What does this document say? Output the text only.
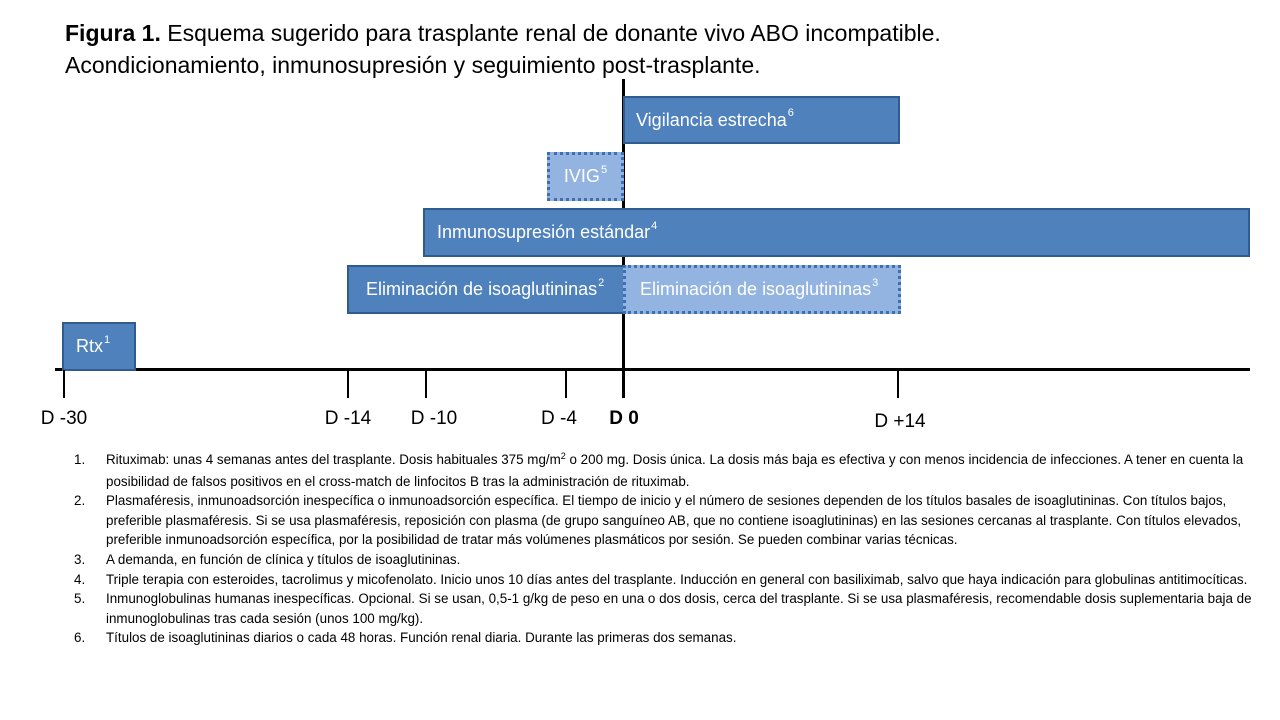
Figura 1. Esquema sugerido para trasplante renal de donante vivo ABO incompatible.
Acondicionamiento, inmunosupresión y seguimiento post-trasplante.
Vigilancia estrecha$^6$
IVIG$^5$
Inmunosupresión estándar$^4$
Eliminación de isoaglutininas$^2$ Eliminación de isoaglutininas$^3$
Rtx$^1$
D -30	D -14 D -10	D -4 D 0	D +14
1. Rituximab: unas 4 semanas antes del trasplante. Dosis habituales 375 $mg/m^2$ o 200 mg. Dosis única. La dosis más baja es efectiva y con menos incidencia de infecciones. A tener en cuenta la posibilidad de falsos positivos en el cross-match de linfocitos B tras la administración de rituximab.
2. Plasmaféresis, inmunoadsorción inespecífica o inmunoadsorción específica. El tiempo de inicio y el número de sesiones dependen de los títulos basales de isoaglutininas. Con títulos bajos, preferible plasmaféresis. Si se usa plasmaféresis, reposición con plasma (de grupo sanguíneo AB, que no contiene isoaglutininas) en las sesiones cercanas al trasplante. Con títulos elevados, preferible inmunoadsorción específica, por la posibilidad de tratar más volúmenes plasmáticos por sesión. Se pueden combinar varias técnicas.
3. A demanda, en función de clínica y títulos de isoaglutininas.
4. Triple terapia con esteroides, tacrolimus y micofenolato. Inicio unos 10 días antes del trasplante. Inducción en general con basiliximab, salvo que haya indicación para globulinas antitimocíticas.
5. Inmunoglobulinas humanas inespecíficas. Opcional. Si se usan, 0,5-1 g/kg de peso en una o dos dosis, cerca del trasplante. Si se usa plasmaféresis, recomendable dosis suplementaria baja de inmunoglobulinas tras cada sesión (unos 100 mg/kg).
6. Títulos de isoaglutininas diarios o cada 48 horas. Función renal diaria. Durante las primeras dos semanas.
